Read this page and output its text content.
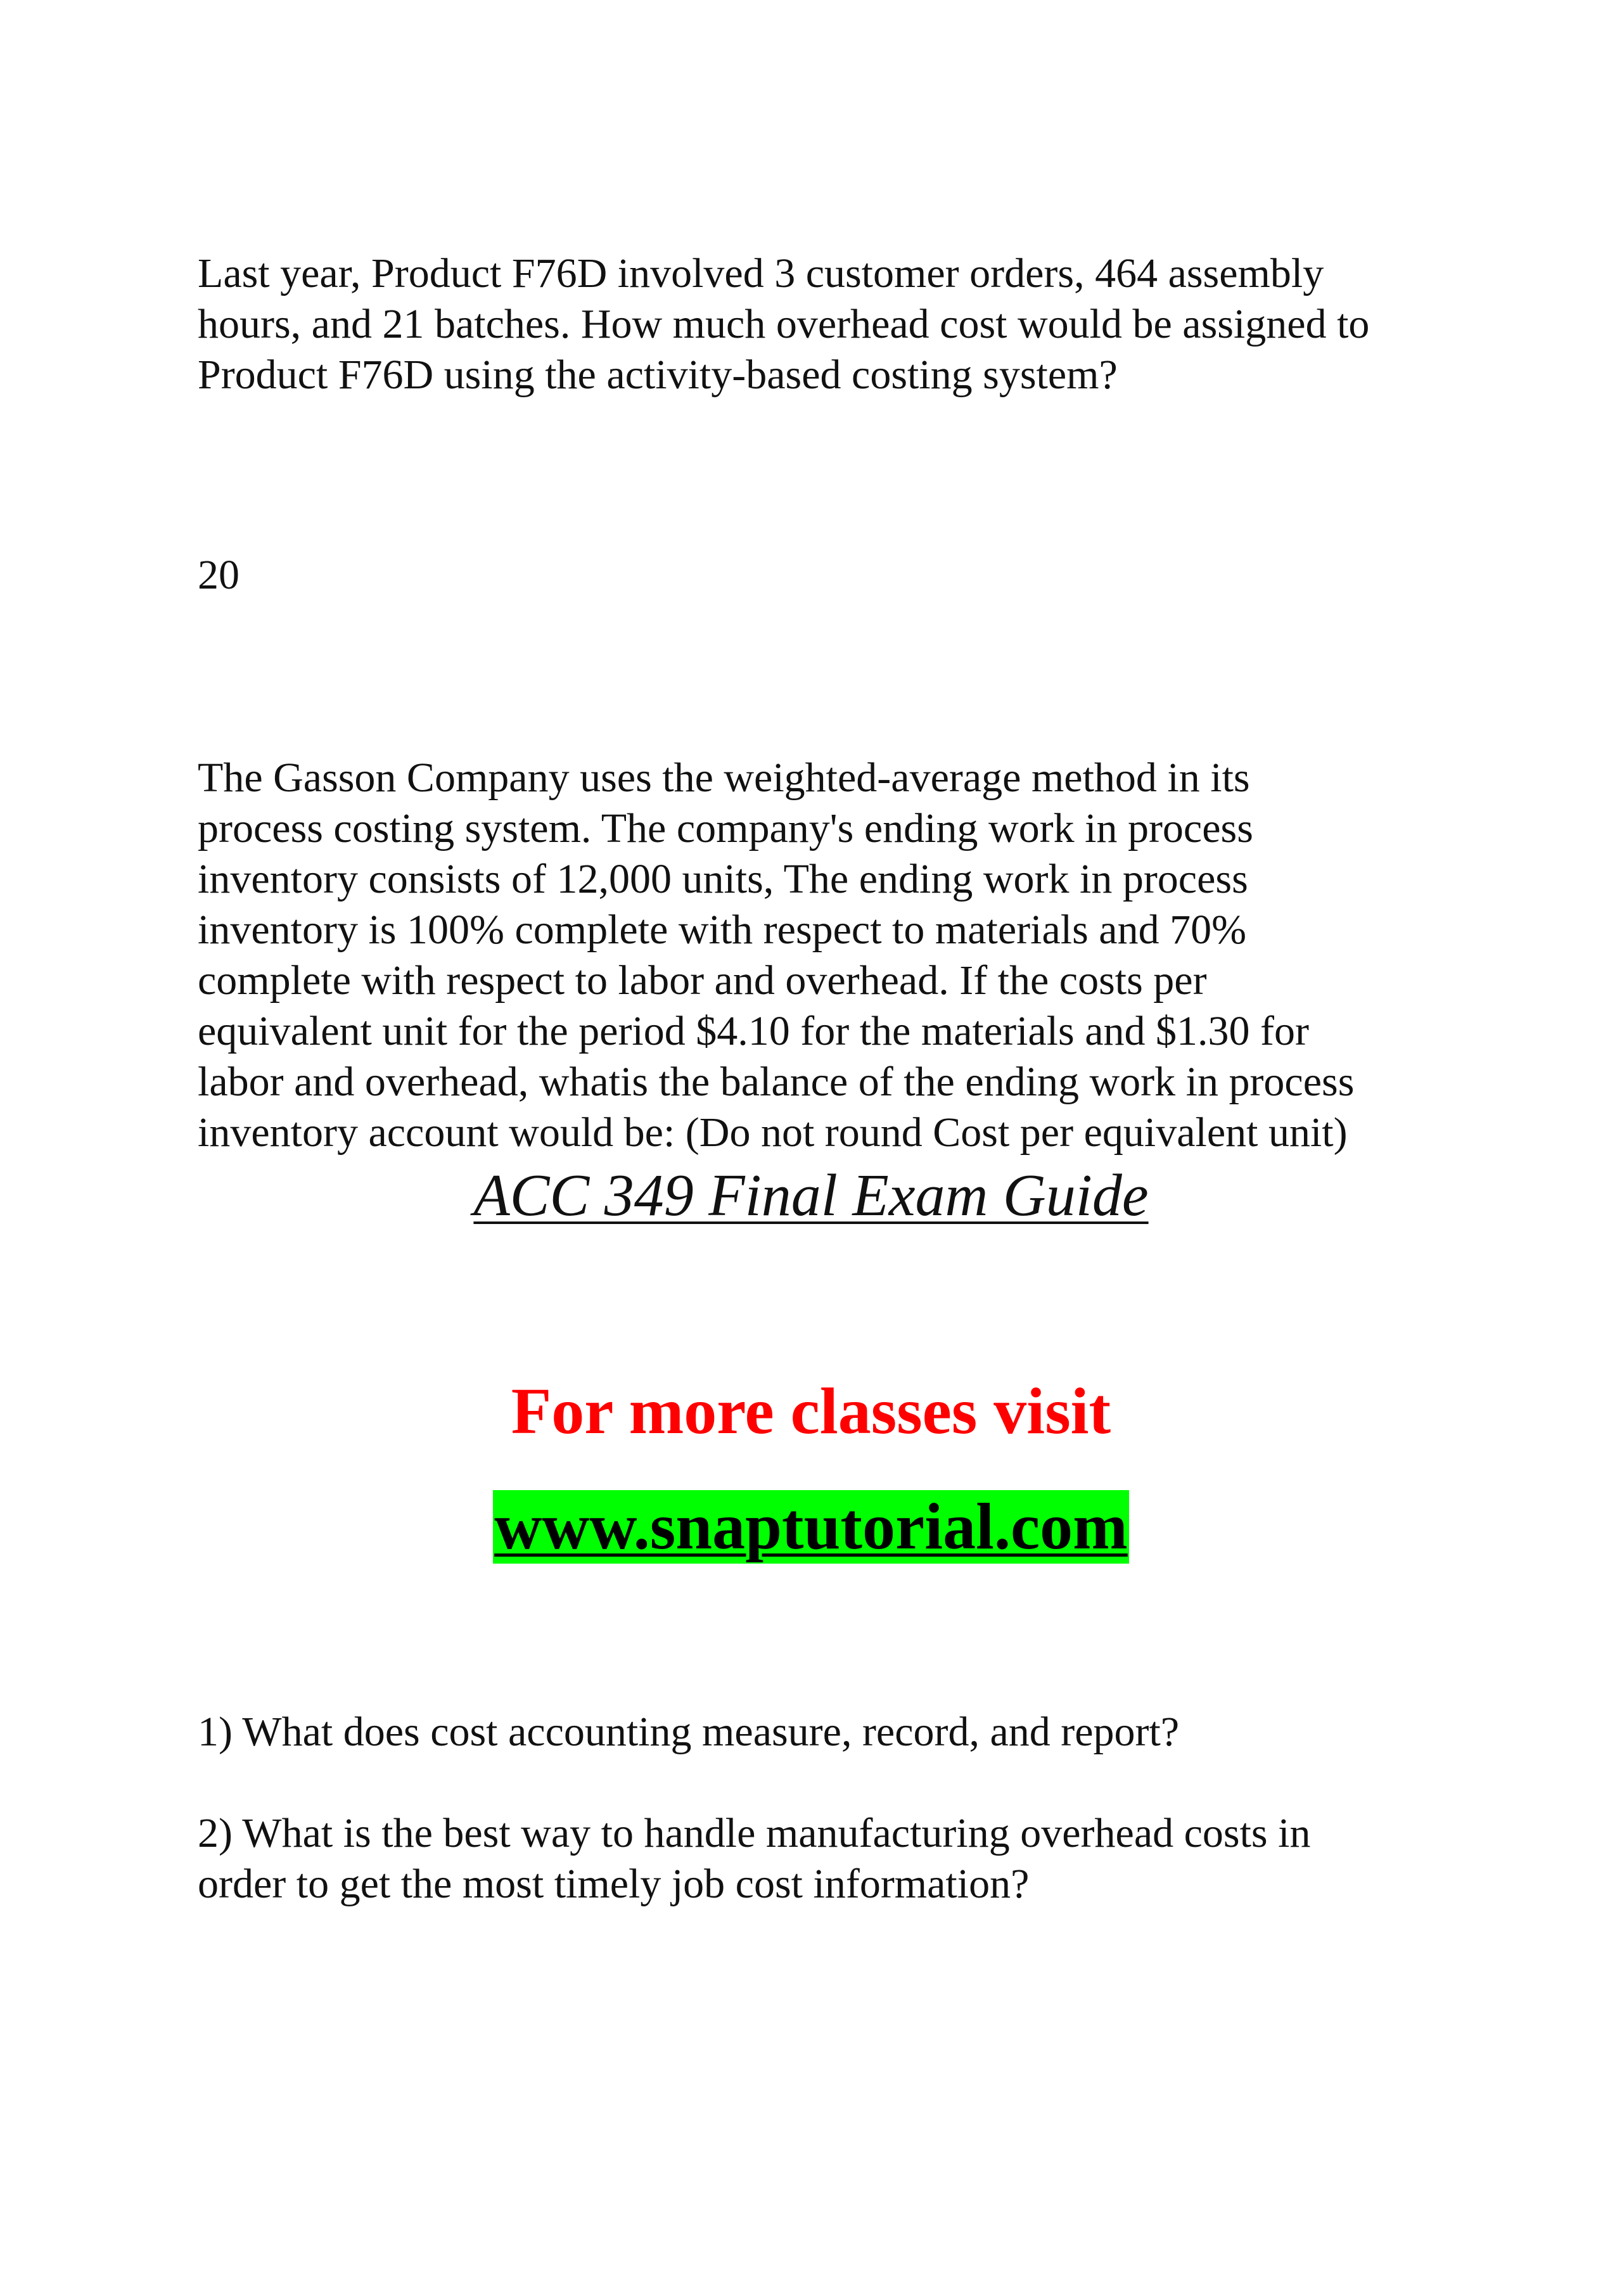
Last year, Product F76D involved 3 customer orders, 464 assembly
hours, and 21 batches. How much overhead cost would be assigned to
Product F76D using the activity-based costing system?

20

The Gasson Company uses the weighted-average method in its
process costing system. The company's ending work in process
inventory consists of 12,000 units, The ending work in process
inventory is 100% complete with respect to materials and 70%
complete with respect to labor and overhead. If the costs per
equivalent unit for the period $4.10 for the materials and $1.30 for
labor and overhead, whatis the balance of the ending work in process
inventory account would be: (Do not round Cost per equivalent unit)

ACC 349 Final Exam Guide

For more classes visit

www.snaptutorial.com

1) What does cost accounting measure, record, and report?

2) What is the best way to handle manufacturing overhead costs in
order to get the most timely job cost information?
